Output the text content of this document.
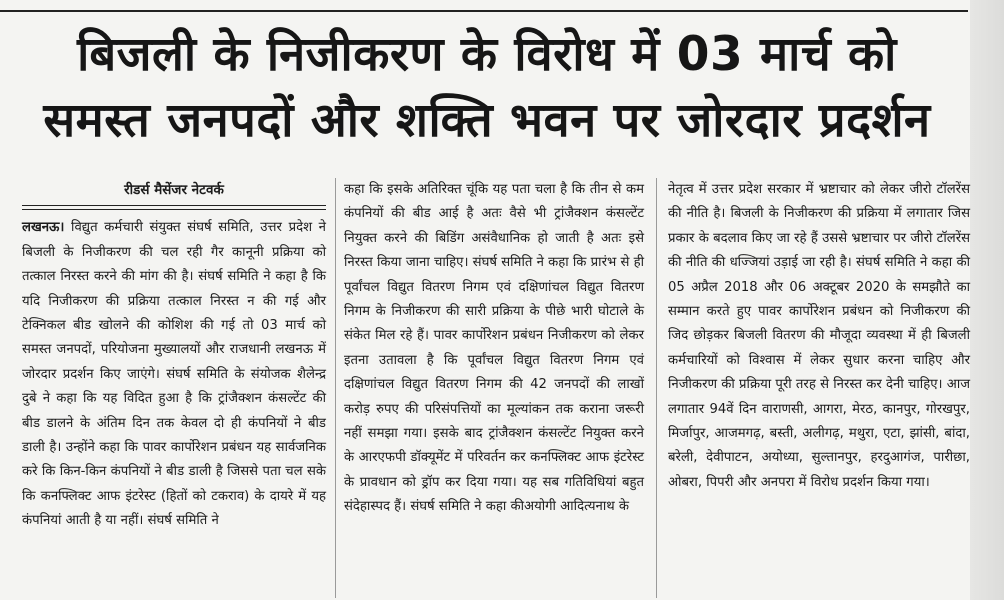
बिजली के निजीकरण के विरोध में 03 मार्च को
समस्त जनपदों और शक्ति भवन पर जोरदार प्रदर्शन
रीडर्स मैसेंजर नेटवर्क

लखनऊ। विद्युत कर्मचारी संयुक्त संघर्ष समिति, उत्तर प्रदेश ने बिजली के निजीकरण की चल रही गैर कानूनी प्रक्रिया को तत्काल निरस्त करने की मांग की है। संघर्ष समिति ने कहा है कि यदि निजीकरण की प्रक्रिया तत्काल निरस्त न की गई और टेक्निकल बीड खोलने की कोशिश की गई तो 03 मार्च को समस्त जनपदों, परियोजना मुख्यालयों और राजधानी लखनऊ में जोरदार प्रदर्शन किए जाएंगे। संघर्ष समिति के संयोजक शैलेन्द्र दुबे ने कहा कि यह विदित हुआ है कि ट्रांजैक्शन कंसल्टेंट की बीड डालने के अंतिम दिन तक केवल दो ही कंपनियों ने बीड डाली है। उन्होंने कहा कि पावर कार्पोरेशन प्रबंधन यह सार्वजनिक करे कि किन-किन कंपनियों ने बीड डाली है जिससे पता चल सके कि कनफ्लिक्ट आफ इंटरेस्ट (हितों को टकराव) के दायरे में यह कंपनियां आती है या नहीं। संघर्ष समिति ने

कहा कि इसके अतिरिक्त चूंकि यह पता चला है कि तीन से कम कंपनियों की बीड आई है अतः वैसे भी ट्रांजैक्शन कंसल्टेंट नियुक्त करने की बिडिंग असंवैधानिक हो जाती है अतः इसे निरस्त किया जाना चाहिए। संघर्ष समिति ने कहा कि प्रारंभ से ही पूर्वांचल विद्युत वितरण निगम एवं दक्षिणांचल विद्युत वितरण निगम के निजीकरण की सारी प्रक्रिया के पीछे भारी घोटाले के संकेत मिल रहे हैं। पावर कार्पोरेशन प्रबंधन निजीकरण को लेकर इतना उतावला है कि पूर्वांचल विद्युत वितरण निगम एवं दक्षिणांचल विद्युत वितरण निगम की 42 जनपदों की लाखों करोड़ रुपए की परिसंपत्तियों का मूल्यांकन तक कराना जरूरी नहीं समझा गया। इसके बाद ट्रांजैक्शन कंसल्टेंट नियुक्त करने के आरएफपी डॉक्यूमेंट में परिवर्तन कर कनफ्लिक्ट आफ इंटरेस्ट के प्रावधान को ड्रॉप कर दिया गया। यह सब गतिविधियां बहुत संदेहास्पद हैं। संघर्ष समिति ने कहा कीअयोगी आदित्यनाथ के

नेतृत्व में उत्तर प्रदेश सरकार में भ्रष्टाचार को लेकर जीरो टॉलरेंस की नीति है। बिजली के निजीकरण की प्रक्रिया में लगातार जिस प्रकार के बदलाव किए जा रहे हैं उससे भ्रष्टाचार पर जीरो टॉलरेंस की नीति की धज्जियां उड़ाई जा रही है। संघर्ष समिति ने कहा की 05 अप्रैल 2018 और 06 अक्टूबर 2020 के समझौते का सम्मान करते हुए पावर कार्पोरेशन प्रबंधन को निजीकरण की जिद छोड़कर बिजली वितरण की मौजूदा व्यवस्था में ही बिजली कर्मचारियों को विश्वास में लेकर सुधार करना चाहिए और निजीकरण की प्रक्रिया पूरी तरह से निरस्त कर देनी चाहिए। आज लगातार 94वें दिन वाराणसी, आगरा, मेरठ, कानपुर, गोरखपुर, मिर्जापुर, आजमगढ़, बस्ती, अलीगढ़, मथुरा, एटा, झांसी, बांदा, बरेली, देवीपाटन, अयोध्या, सुल्तानपुर, हरदुआगंज, पारीछा, ओबरा, पिपरी और अनपरा में विरोध प्रदर्शन किया गया।
